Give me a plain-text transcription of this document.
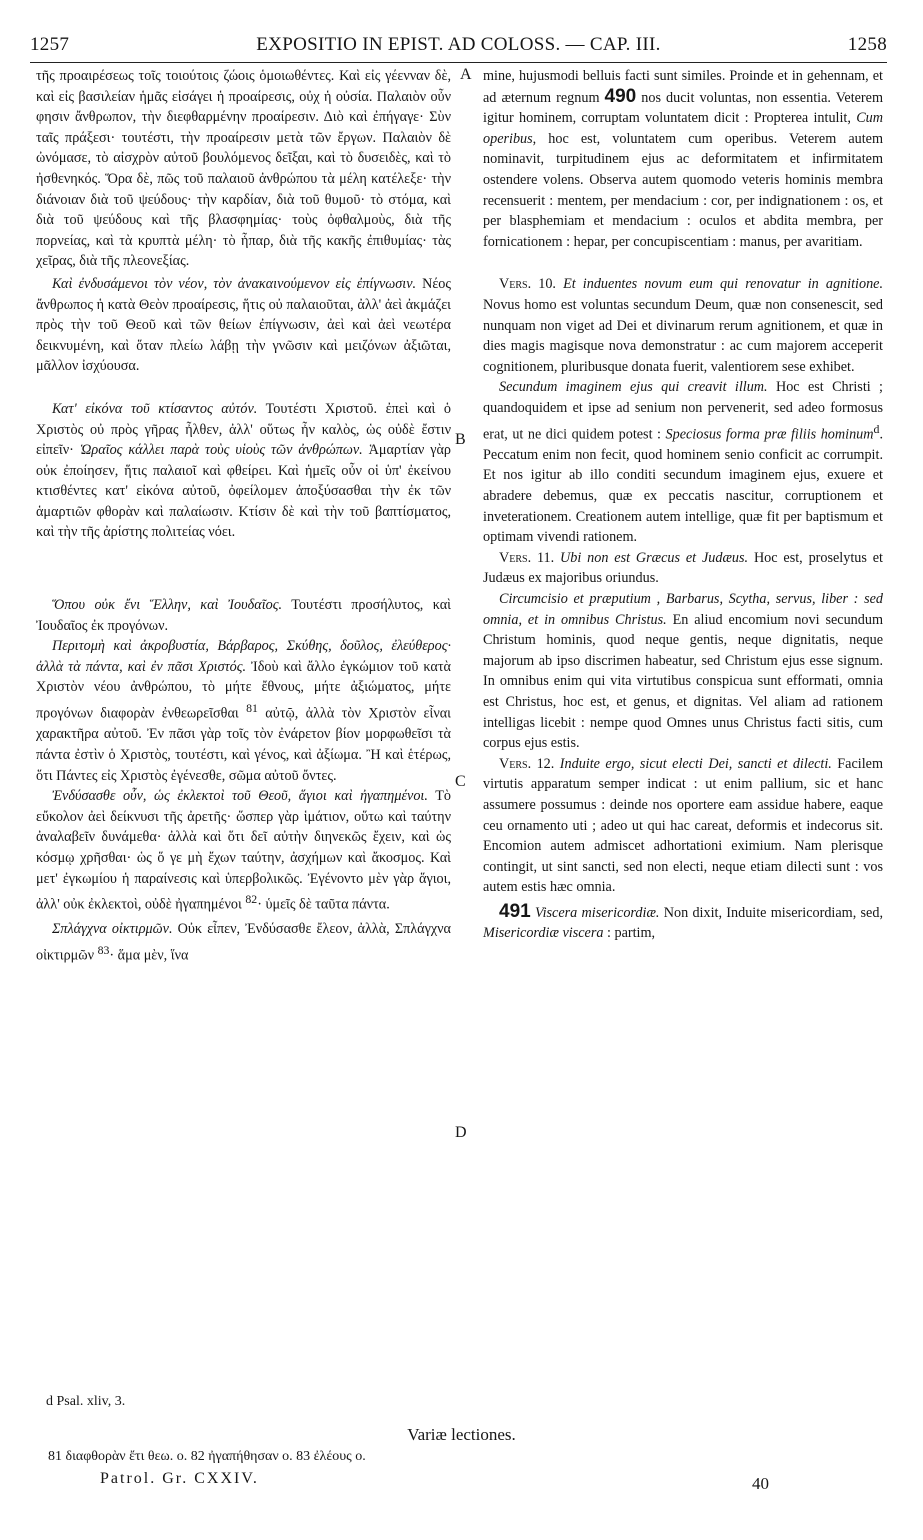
1257	EXPOSITIO IN EPIST. AD COLOSS. — CAP. III.	1258
A
B
C
D

τῆς προαιρέσεως τοῖς τοιούτοις ζώοις ὁμοιωθέντες. Καὶ εἰς γέενναν δὲ, καὶ εἰς βασιλείαν ἡμᾶς εἰσάγει ἡ προαίρεσις, οὐχ ἡ οὐσία. Παλαιὸν οὖν φησιν ἄνθρωπον, τὴν διεφθαρμένην προαίρεσιν. Διὸ καὶ ἐπήγαγε· Σὺν ταῖς πράξεσι· τουτέστι, τὴν προαίρεσιν μετὰ τῶν ἔργων. Παλαιὸν δὲ ὠνόμασε, τὸ αἰσχρὸν αὐτοῦ βουλόμενος δεῖξαι, καὶ τὸ δυσειδὲς, καὶ τὸ ἠσθενηκός. Ὅρα δὲ, πῶς τοῦ παλαιοῦ ἀνθρώπου τὰ μέλη κατέλεξε· τὴν διάνοιαν διὰ τοῦ ψεύδους· τὴν καρδίαν, διὰ τοῦ θυμοῦ· τὸ στόμα, καὶ διὰ τοῦ ψεύδους καὶ τῆς βλασφημίας· τοὺς ὀφθαλμοὺς, διὰ τῆς πορνείας, καὶ τὰ κρυπτὰ μέλη· τὸ ἧπαρ, διὰ τῆς κακῆς ἐπιθυμίας· τὰς χεῖρας, διὰ τῆς πλεονεξίας.

Καὶ ἐνδυσάμενοι τὸν νέον, τὸν ἀνακαινούμενον εἰς ἐπίγνωσιν. Νέος ἄνθρωπος ἡ κατὰ Θεὸν προαίρεσις, ἥτις οὐ παλαιοῦται, ἀλλ' ἀεὶ ἀκμάζει πρὸς τὴν τοῦ Θεοῦ καὶ τῶν θείων ἐπίγνωσιν, ἀεὶ καὶ ἀεὶ νεωτέρα δεικνυμένη, καὶ ὅταν πλείω λάβῃ τὴν γνῶσιν καὶ μειζόνων ἀξιῶται, μᾶλλον ἰσχύουσα.

Κατ' εἰκόνα τοῦ κτίσαντος αὐτόν. Τουτέστι Χριστοῦ. ἐπεὶ καὶ ὁ Χριστὸς οὐ πρὸς γῆρας ἦλθεν, ἀλλ' οὕτως ἦν καλὸς, ὡς οὐδὲ ἔστιν εἰπεῖν· Ὡραῖος κάλλει παρὰ τοὺς υἱοὺς τῶν ἀνθρώπων. Ἁμαρτίαν γὰρ οὐκ ἐποίησεν, ἥτις παλαιοῖ καὶ φθείρει. Καὶ ἡμεῖς οὖν οἱ ὑπ' ἐκείνου κτισθέντες κατ' εἰκόνα αὐτοῦ, ὀφείλομεν ἀποξύσασθαι τὴν ἐκ τῶν ἁμαρτιῶν φθορὰν καὶ παλαίωσιν. Κτίσιν δὲ καὶ τὴν τοῦ βαπτίσματος, καὶ τὴν τῆς ἀρίστης πολιτείας νόει.

Ὅπου οὐκ ἔνι Ἕλλην, καὶ Ἰουδαῖος. Τουτέστι προσήλυτος, καὶ Ἰουδαῖος ἐκ προγόνων.

Περιτομὴ καὶ ἀκροβυστία, Βάρβαρος, Σκύθης, δοῦλος, ἐλεύθερος· ἀλλὰ τὰ πάντα, καὶ ἐν πᾶσι Χριστός. Ἰδοὺ καὶ ἄλλο ἐγκώμιον τοῦ κατὰ Χριστὸν νέου ἀνθρώπου, τὸ μήτε ἔθνους, μήτε ἀξιώματος, μήτε προγόνων διαφορὰν ἐνθεωρεῖσθαι $^{81}$ αὐτῷ, ἀλλὰ τὸν Χριστὸν εἶναι χαρακτῆρα αὐτοῦ. Ἐν πᾶσι γὰρ τοῖς τὸν ἐνάρετον βίον μορφωθεῖσι τὰ πάντα ἐστὶν ὁ Χριστὸς, τουτέστι, καὶ γένος, καὶ ἀξίωμα. Ἢ καὶ ἑτέρως, ὅτι Πάντες εἰς Χριστὸς ἐγένεσθε, σῶμα αὐτοῦ ὄντες.

Ἐνδύσασθε οὖν, ὡς ἐκλεκτοὶ τοῦ Θεοῦ, ἅγιοι καὶ ἠγαπημένοι. Τὸ εὔκολον ἀεὶ δείκνυσι τῆς ἀρετῆς· ὥσπερ γὰρ ἱμάτιον, οὕτω καὶ ταύτην ἀναλαβεῖν δυνάμεθα· ἀλλὰ καὶ ὅτι δεῖ αὐτὴν διηνεκῶς ἔχειν, καὶ ὡς κόσμῳ χρῆσθαι· ὡς ὅ γε μὴ ἔχων ταύτην, ἀσχήμων καὶ ἄκοσμος. Καὶ μετ' ἐγκωμίου ἡ παραίνεσις καὶ ὑπερβολικῶς. Ἐγένοντο μὲν γὰρ ἅγιοι, ἀλλ' οὐκ ἐκλεκτοὶ, οὐδὲ ἠγαπημένοι $^{82}$· ὑμεῖς δὲ ταῦτα πάντα.

Σπλάγχνα οἰκτιρμῶν. Οὐκ εἶπεν, Ἐνδύσασθε ἔλεον, ἀλλὰ, Σπλάγχνα οἰκτιρμῶν $^{83}$· ἅμα μὲν, ἵνα

mine, hujusmodi belluis facti sunt similes. Proinde et in gehennam, et ad æternum regnum 490 nos ducit voluntas, non essentia. Veterem igitur hominem, corruptam voluntatem dicit : Propterea intulit, Cum operibus, hoc est, voluntatem cum operibus. Veterem autem nominavit, turpitudinem ejus ac deformitatem et infirmitatem ostendere volens. Observa autem quomodo veteris hominis membra recensuerit : mentem, per mendacium : cor, per indignationem : os, et per blasphemiam et mendacium : oculos et abdita membra, per fornicationem : hepar, per concupiscentiam : manus, per avaritiam.

Vers. 10. Et induentes novum eum qui renovatur in agnitione. Novus homo est voluntas secundum Deum, quæ non consenescit, sed nunquam non viget ad Dei et divinarum rerum agnitionem, et quæ in dies magis magisque nova demonstratur : ac cum majorem acceperit cognitionem, pluribusque donata fuerit, valentiorem sese exhibet.

Secundum imaginem ejus qui creavit illum. Hoc est Christi ; quandoquidem et ipse ad senium non pervenerit, sed adeo formosus erat, ut ne dici quidem potest : Speciosus forma præ filiis hominum$^d$. Peccatum enim non fecit, quod hominem senio conficit ac corrumpit. Et nos igitur ab illo conditi secundum imaginem ejus, exuere et abradere debemus, quæ ex peccatis nascitur, corruptionem et inveterationem. Creationem autem intellige, quæ fit per baptismum et optimam vivendi rationem.

Vers. 11. Ubi non est Græcus et Judæus. Hoc est, proselytus et Judæus ex majoribus oriundus.

Circumcisio et præputium , Barbarus, Scytha, servus, liber : sed omnia, et in omnibus Christus. En aliud encomium novi secundum Christum hominis, quod neque gentis, neque dignitatis, neque majorum ab ipso discrimen habeatur, sed Christum ejus esse signum. In omnibus enim qui vita virtutibus conspicua sunt efformati, omnia est Christus, hoc est, et genus, et dignitas. Vel aliam ad rationem intelligas licebit : nempe quod Omnes unus Christus facti sitis, cum corpus ejus estis.

Vers. 12. Induite ergo, sicut electi Dei, sancti et dilecti. Facilem virtutis apparatum semper indicat : ut enim pallium, sic et hanc assumere possumus : deinde nos oportere eam assidue habere, eaque ceu ornamento uti ; adeo ut qui hac careat, deformis et indecorus sit. Encomion autem admiscet adhortationi eximium. Nam plerisque contingit, ut sint sancti, sed non electi, neque etiam dilecti sunt : vos autem estis hæc omnia.

491 Viscera misericordiæ. Non dixit, Induite misericordiam, sed, Misericordiæ viscera : partim,

d Psal. xliv, 3.
Variæ lectiones.
81 διαφθορὰν ἔτι θεω. ο. 82 ἠγαπήθησαν ο. 83 ἐλέους ο.
Patrol. Gr. CXXIV.	40
